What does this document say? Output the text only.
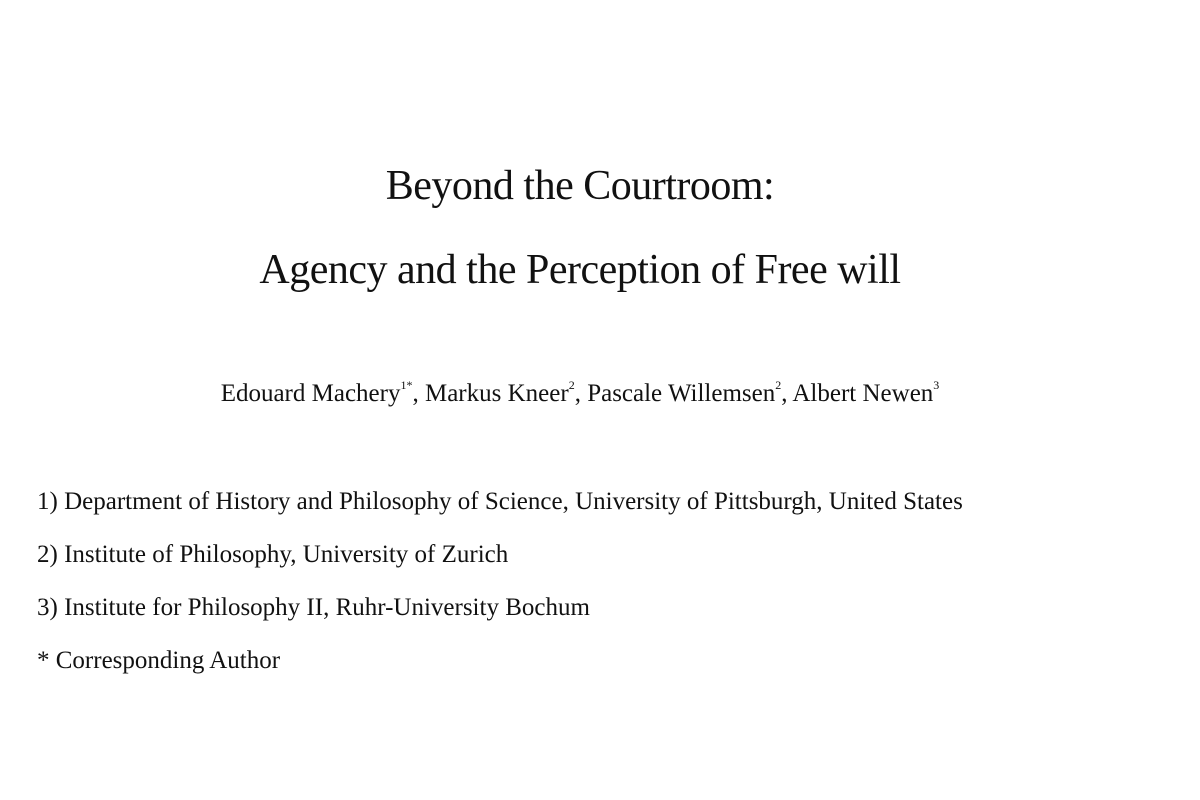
Beyond the Courtroom:
Agency and the Perception of Free will
Edouard Machery$^{1*}$, Markus Kneer$^2$, Pascale Willemsen$^2$, Albert Newen$^3$
1) Department of History and Philosophy of Science, University of Pittsburgh, United States
2) Institute of Philosophy, University of Zurich
3) Institute for Philosophy II, Ruhr-University Bochum
* Corresponding Author
